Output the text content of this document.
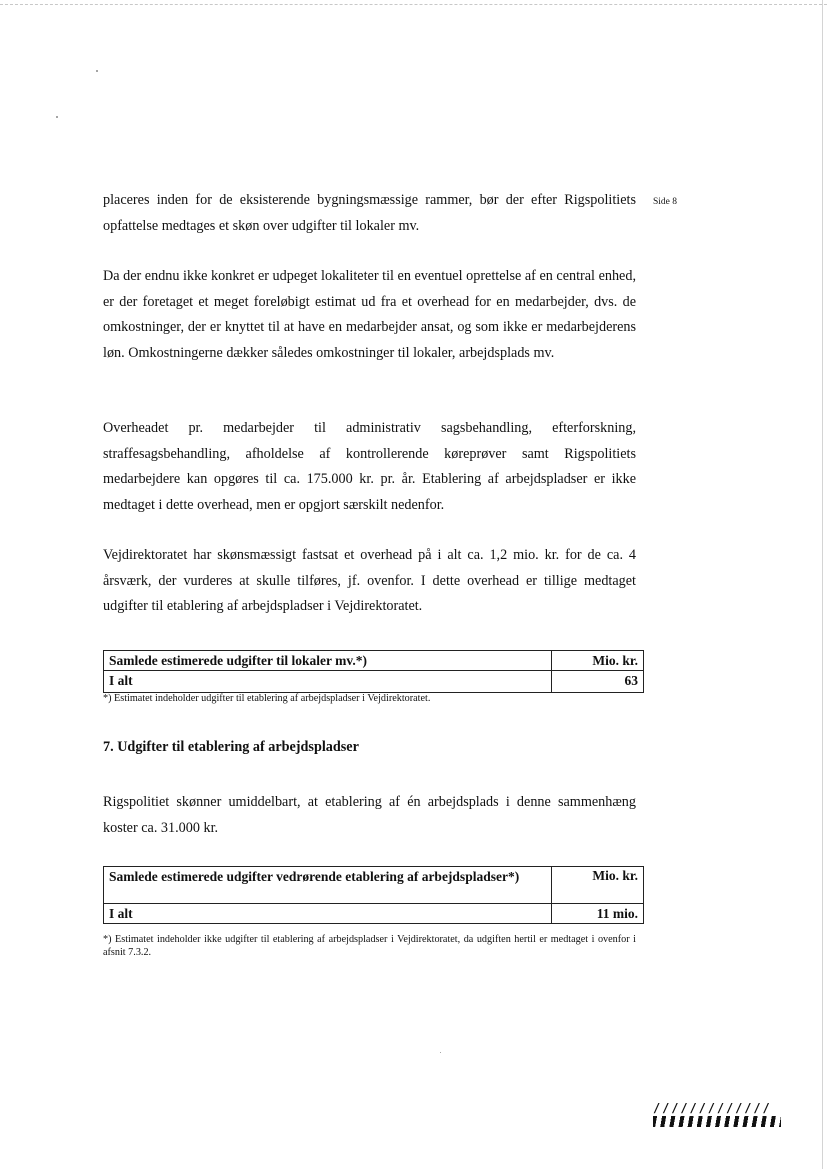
Side 8

placeres inden for de eksisterende bygningsmæssige rammer, bør der efter Rigspolitiets opfattelse medtages et skøn over udgifter til lokaler mv.

Da der endnu ikke konkret er udpeget lokaliteter til en eventuel oprettelse af en central enhed, er der foretaget et meget foreløbigt estimat ud fra et overhead for en medarbejder, dvs. de omkostninger, der er knyttet til at have en medarbejder ansat, og som ikke er medarbejderens løn. Omkostningerne dækker således omkostninger til lokaler, arbejdsplads mv.

Overheadet pr. medarbejder til administrativ sagsbehandling, efterforskning, straffesagsbehandling, afholdelse af kontrollerende køreprøver samt Rigspolitiets medarbejdere kan opgøres til ca. 175.000 kr. pr. år. Etablering af arbejdspladser er ikke medtaget i dette overhead, men er opgjort særskilt nedenfor.

Vejdirektoratet har skønsmæssigt fastsat et overhead på i alt ca. 1,2 mio. kr. for de ca. 4 årsværk, der vurderes at skulle tilføres, jf. ovenfor. I dette overhead er tillige medtaget udgifter til etablering af arbejdspladser i Vejdirektoratet.

Samlede estimerede udgifter til lokaler mv.*)	Mio. kr.
I alt	63

*) Estimatet indeholder udgifter til etablering af arbejdspladser i Vejdirektoratet.

7. Udgifter til etablering af arbejdspladser

Rigspolitiet skønner umiddelbart, at etablering af én arbejdsplads i denne sammenhæng koster ca. 31.000 kr.

Samlede estimerede udgifter vedrørende etablering af arbejdspladser*)	Mio. kr.
I alt	11 mio.

*) Estimatet indeholder ikke udgifter til etablering af arbejdspladser i Vejdirektoratet, da udgiften hertil er medtaget i ovenfor i afsnit 7.3.2.

/////////////
